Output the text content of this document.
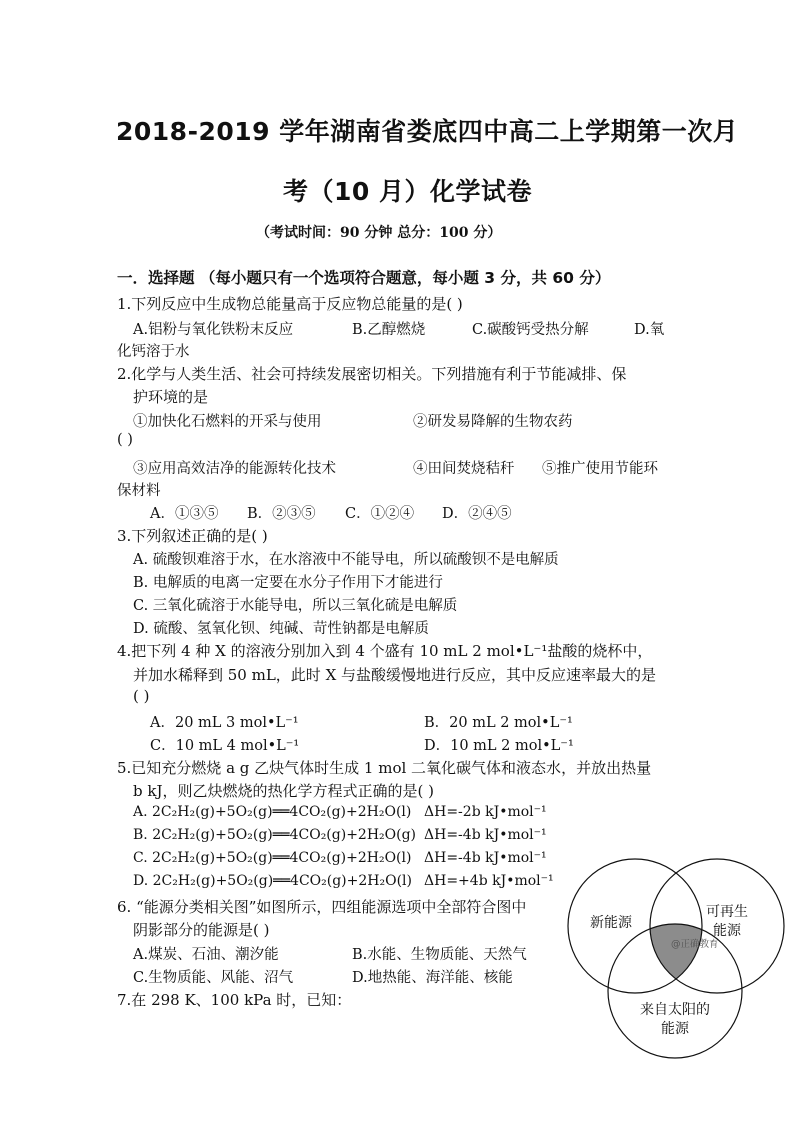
2018-2019 学年湖南省娄底四中高二上学期第一次月
考（10 月）化学试卷
（考试时间：90 分钟 总分：100 分）
一．选择题 （每小题只有一个选项符合题意，每小题 3 分，共 60 分）
1.下列反应中生成物总能量高于反应物总能量的是( )
A.铝粉与氧化铁粉末反应	B.乙醇燃烧	C.碳酸钙受热分解	D.氧
化钙溶于水
2.化学与人类生活、社会可持续发展密切相关。下列措施有利于节能减排、保
护环境的是
①加快化石燃料的开采与使用	②研发易降解的生物农药
( )
③应用高效洁净的能源转化技术	④田间焚烧秸秆 ⑤推广使用节能环
保材料
A．①③⑤ B．②③⑤ C．①②④ D．②④⑤
3.下列叙述正确的是( )
A. 硫酸钡难溶于水，在水溶液中不能导电，所以硫酸钡不是电解质
B. 电解质的电离一定要在水分子作用下才能进行
C. 三氧化硫溶于水能导电，所以三氧化硫是电解质
D. 硫酸、氢氧化钡、纯碱、苛性钠都是电解质
4.把下列 4 种 X 的溶液分别加入到 4 个盛有 10 mL 2 mol•L⁻¹盐酸的烧杯中，
并加水稀释到 50 mL，此时 X 与盐酸缓慢地进行反应，其中反应速率最大的是
( )
A．20 mL 3 mol•L⁻¹	B．20 mL 2 mol•L⁻¹
C．10 mL 4 mol•L⁻¹	D．10 mL 2 mol•L⁻¹
5.已知充分燃烧 a g 乙炔气体时生成 1 mol 二氧化碳气体和液态水，并放出热量
b kJ，则乙炔燃烧的热化学方程式正确的是( )
A. 2C₂H₂(g)+5O₂(g)══4CO₂(g)+2H₂O(l) ΔH=-2b kJ•mol⁻¹
B. 2C₂H₂(g)+5O₂(g)══4CO₂(g)+2H₂O(g) ΔH=-4b kJ•mol⁻¹
C. 2C₂H₂(g)+5O₂(g)══4CO₂(g)+2H₂O(l) ΔH=-4b kJ•mol⁻¹
D. 2C₂H₂(g)+5O₂(g)══4CO₂(g)+2H₂O(l) ΔH=+4b kJ•mol⁻¹
6. “能源分类相关图”如图所示，四组能源选项中全部符合图中
阴影部分的能源是( )
A.煤炭、石油、潮汐能	B.水能、生物质能、天然气
C.生物质能、风能、沼气	D.地热能、海洋能、核能
7.在 298 K、100 kPa 时，已知：
新能源
可再生
能源
@正确教育
来自太阳的
能源
